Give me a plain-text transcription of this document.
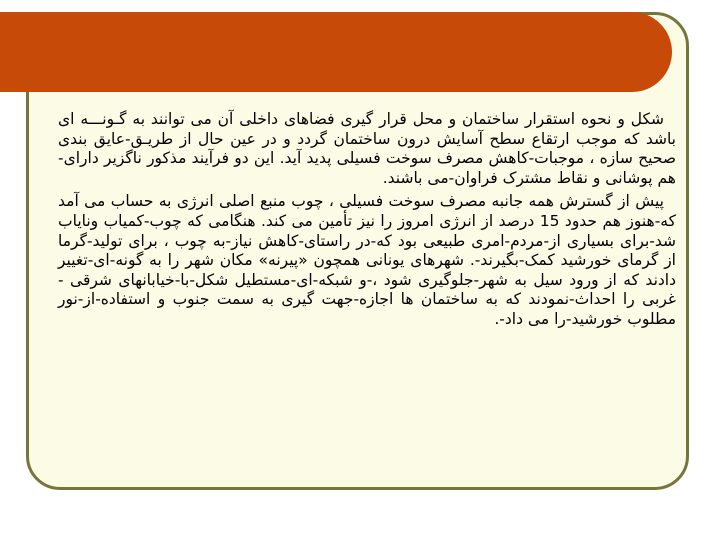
شکل و نحوه استقرار ساختمان و محل قرار گیری فضاهای داخلی آن می توانند به گـونـــه ای باشد که موجب ارتقاع سطح آسایش درون ساختمان گردد و در عین حال از طریـق-عایق بندی صحیح سازه ، موجبات-کاهش مصرف سوخت فسیلی پدید آید. این دو فرآیند مذکور ناگزیر دارای-هم پوشانی و نقاط مشترک فراوان-می باشند.

پیش از گسترش همه جانبه مصرف سوخت فسیلی ، چوب منبع اصلی انرژی به حساب می آمد که-هنوز هم حدود 15 درصد از انرژی امروز را نیز تأمین می کند. هنگامی که چوب-کمیاب ونایاب شد-برای بسیاری از-مردم-امری طبیعی بود که-در راستای-کاهش نیاز-به چوب ، برای تولید-گرما از گرمای خورشید کمک-بگیرند-. شهرهای یونانی همچون «پیرنه» مکان شهر را به گونه-ای-تغییر دادند که از ورود سیل به شهر-جلوگیری شود ،-و شبکه-ای-مستطیل شکل-با-خیابانهای شرقی - غربی را احداث-نمودند که به ساختمان ها اجازه-جهت گیری به سمت جنوب و استفاده-از-نور مطلوب خورشید-را می داد-.
